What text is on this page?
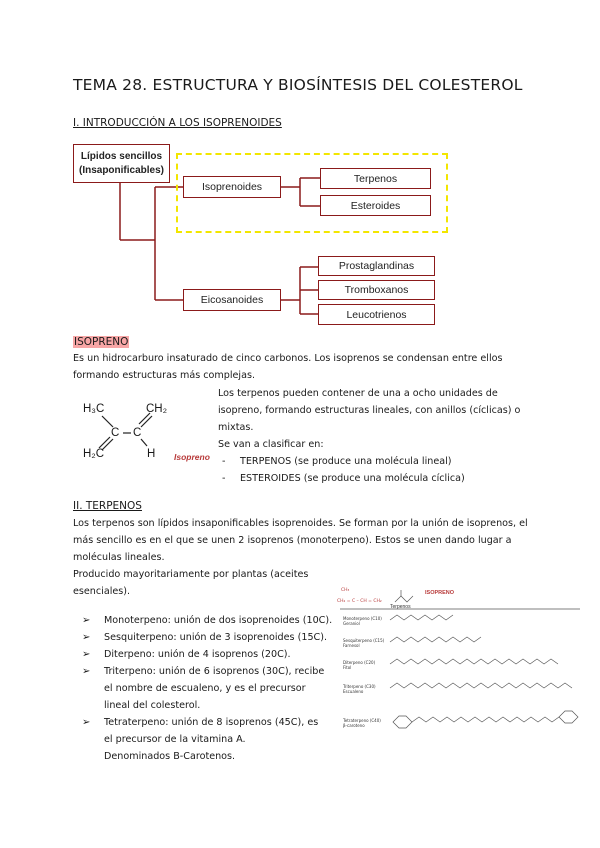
TEMA 28. ESTRUCTURA Y BIOSÍNTESIS DEL COLESTEROL
I. INTRODUCCIÓN A LOS ISOPRENOIDES
Lípidos sencillos
(Insaponificables)
Isoprenoides
Terpenos
Esteroides
Eicosanoides
Prostaglandinas
Tromboxanos
Leucotrienos
ISOPRENO
Es un hidrocarburo insaturado de cinco carbonos. Los isoprenos se condensan entre ellos
formando estructuras más complejas.
H₃C	CH₂
C C
H₂C	H Isopreno
Los terpenos pueden contener de una a ocho unidades de
isopreno, formando estructuras lineales, con anillos (cíclicas) o
mixtas.
Se van a clasificar en:
- TERPENOS (se produce una molécula lineal)
- ESTEROIDES (se produce una molécula cíclica)
II. TERPENOS
Los terpenos son lípidos insaponificables isoprenoides. Se forman por la unión de isoprenos, el
más sencillo es en el que se unen 2 isoprenos (monoterpeno). Estos se unen dando lugar a
moléculas lineales.
Producido mayoritariamente por plantas (aceites
esenciales).
➢ Monoterpeno: unión de dos isoprenoides (10C).
➢ Sesquiterpeno: unión de 3 isoprenoides (15C).
➢ Diterpeno: unión de 4 isoprenos (20C).
➢ Triterpeno: unión de 6 isoprenos (30C), recibe
el nombre de escualeno, y es el precursor
lineal del colesterol.
➢ Tetraterpeno: unión de 8 isoprenos (45C), es
el precursor de la vitamina A.
Denominados B-Carotenos.
CH₃
CH₂ = C – CH = CH₂
Monoterpeno (C10)
Geraniol
Sesquiterpeno (C15)
Farnesol
Diterpeno (C20)
Fitol
Triterpeno (C30)
Escualeno
Tetraterpeno (C40)
β-caroteno
ISOPRENO
Terpenos
